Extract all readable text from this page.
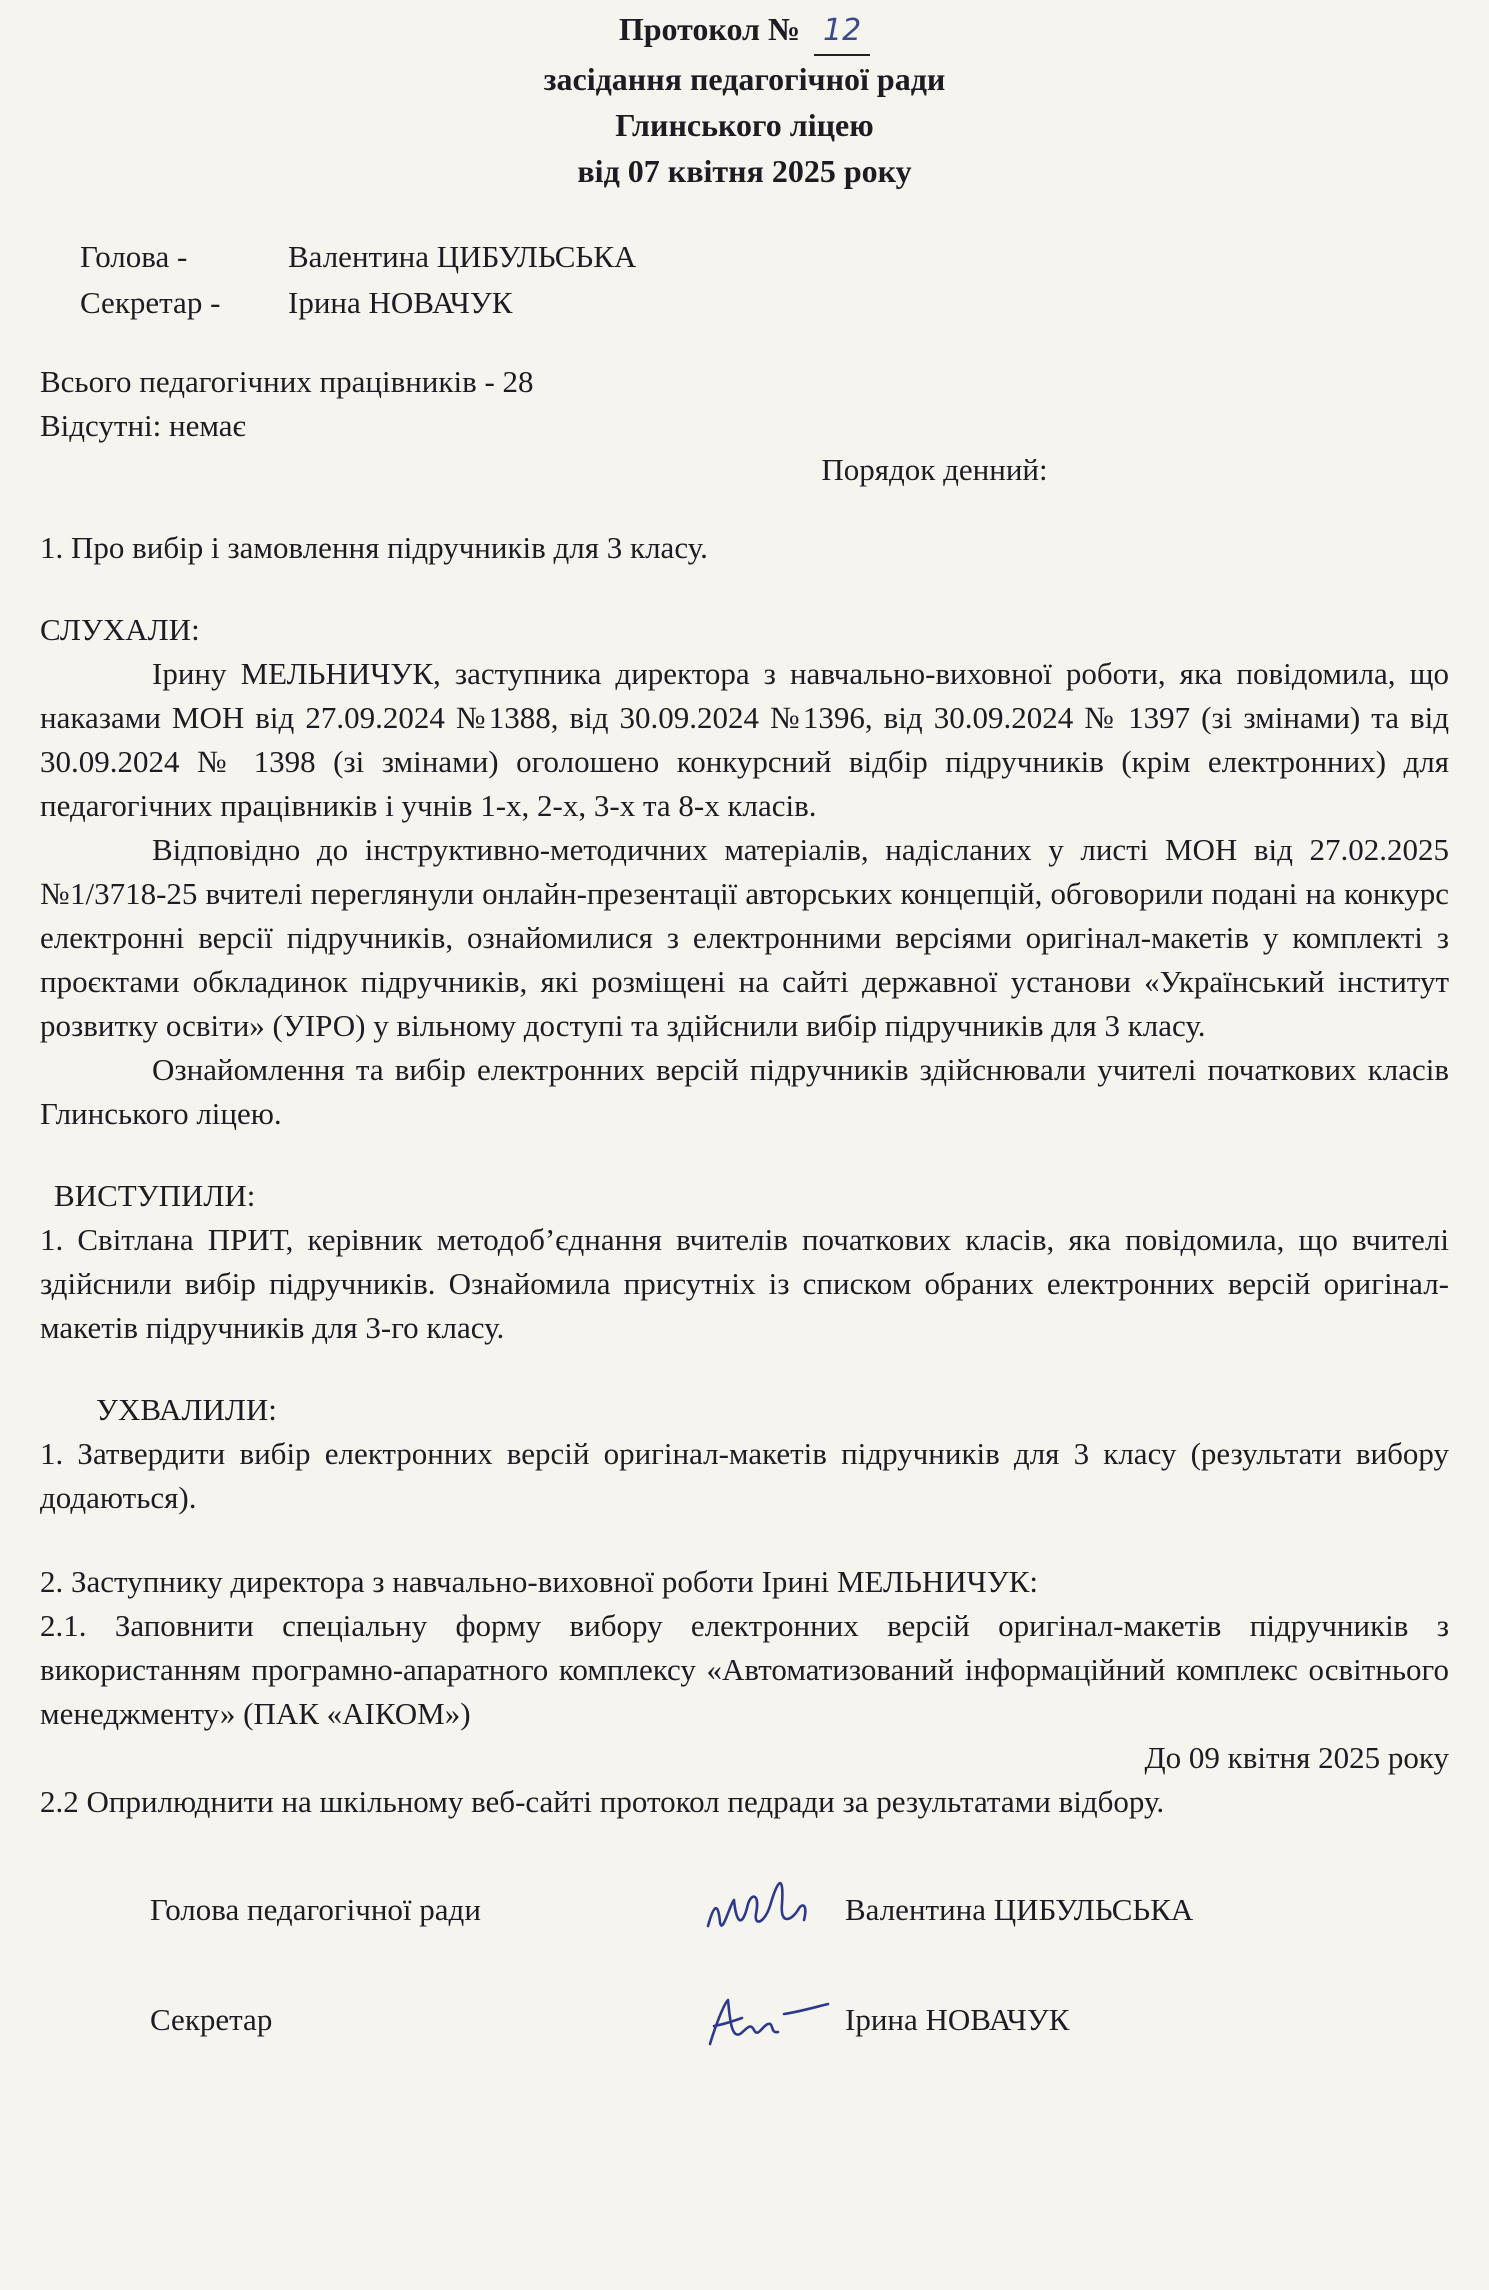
Протокол № 12
засідання педагогічної ради
Глинського ліцею
від 07 квітня 2025 року
Голова -	Валентина ЦИБУЛЬСЬКА
Секретар -	Ірина НОВАЧУК
Всього педагогічних працівників - 28
Відсутні: немає
Порядок денний:
1. Про вибір і замовлення підручників для 3 класу.
СЛУХАЛИ:
Ірину МЕЛЬНИЧУК, заступника директора з навчально-виховної роботи, яка повідомила, що наказами МОН від 27.09.2024 №1388, від 30.09.2024 №1396, від 30.09.2024 № 1397 (зі змінами) та від 30.09.2024 № 1398 (зі змінами) оголошено конкурсний відбір підручників (крім електронних) для педагогічних працівників і учнів 1-х, 2-х, 3-х та 8-х класів.
Відповідно до інструктивно-методичних матеріалів, надісланих у листі МОН від 27.02.2025 №1/3718-25 вчителі переглянули онлайн-презентації авторських концепцій, обговорили подані на конкурс електронні версії підручників, ознайомилися з електронними версіями оригінал-макетів у комплекті з проєктами обкладинок підручників, які розміщені на сайті державної установи «Український інститут розвитку освіти» (УІРО) у вільному доступі та здійснили вибір підручників для 3 класу.
Ознайомлення та вибір електронних версій підручників здійснювали учителі початкових класів Глинського ліцею.
ВИСТУПИЛИ:
1. Світлана ПРИТ, керівник методоб’єднання вчителів початкових класів, яка повідомила, що вчителі здійснили вибір підручників. Ознайомила присутніх із списком обраних електронних версій оригінал-макетів підручників для 3-го класу.
УХВАЛИЛИ:
1. Затвердити вибір електронних версій оригінал-макетів підручників для 3 класу (результати вибору додаються).
2. Заступнику директора з навчально-виховної роботи Ірині МЕЛЬНИЧУК:
2.1. Заповнити спеціальну форму вибору електронних версій оригінал-макетів підручників з використанням програмно-апаратного комплексу «Автоматизований інформаційний комплекс освітнього менеджменту» (ПАК «АІКОМ»)
До 09 квітня 2025 року
2.2 Оприлюднити на шкільному веб-сайті протокол педради за результатами відбору.
Голова педагогічної ради	Валентина ЦИБУЛЬСЬКА
Секретар	Ірина НОВАЧУК
